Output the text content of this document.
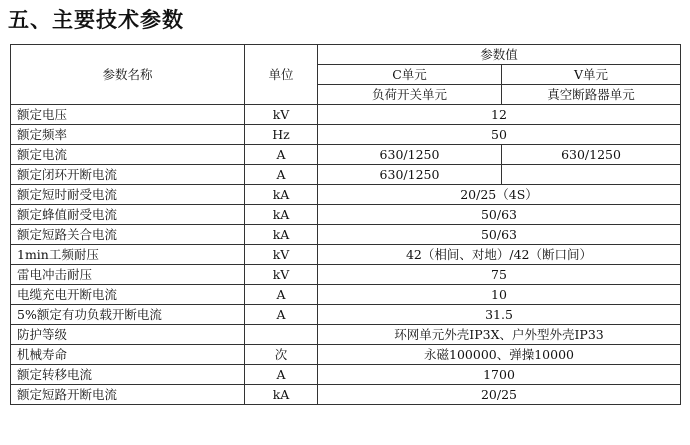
五、主要技术参数
参数名称	单位	参数值	
		C单元	V单元
		负荷开关单元	真空断路器单元
额定电压	kV	12	
额定频率	Hz	50	
额定电流	A	630/1250	630/1250
额定闭环开断电流	A	630/1250	
额定短时耐受电流	kA	20/25（4S）	
额定蜂值耐受电流	kA	50/63	
额定短路关合电流	kA	50/63	
1min工频耐压	kV	42（相间、对地）/42（断口间）	
雷电冲击耐压	kV	75	
电缆充电开断电流	A	10	
5%额定有功负载开断电流	A	31.5	
防护等级		环网单元外壳IP3X、户外型外壳IP33	
机械寿命	次	永磁100000、弹操10000	
额定转移电流	A	1700	
额定短路开断电流	kA	20/25	
